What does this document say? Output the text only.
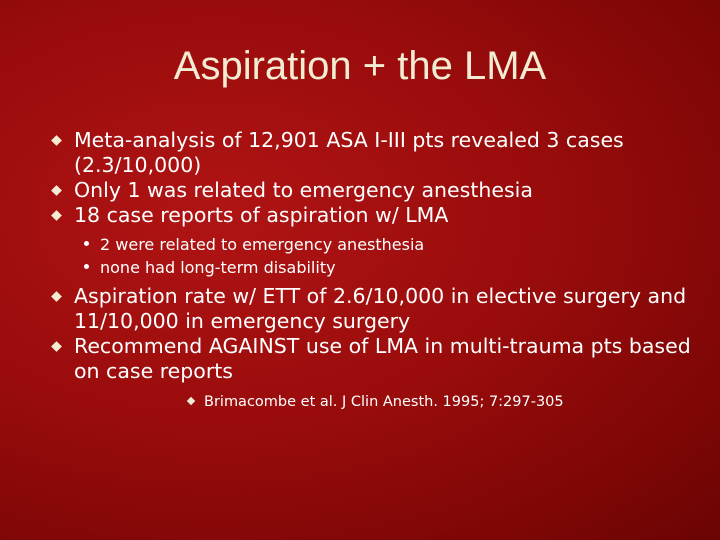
Aspiration + the LMA
Meta-analysis of 12,901 ASA I-III pts revealed 3 cases (2.3/10,000)
Only 1 was related to emergency anesthesia
18 case reports of aspiration w/ LMA
2 were related to emergency anesthesia
none had long-term disability
Aspiration rate w/ ETT of 2.6/10,000 in elective surgery and 11/10,000 in emergency surgery
Recommend AGAINST use of LMA in multi-trauma pts based on case reports
Brimacombe et al. J Clin Anesth. 1995; 7:297-305
